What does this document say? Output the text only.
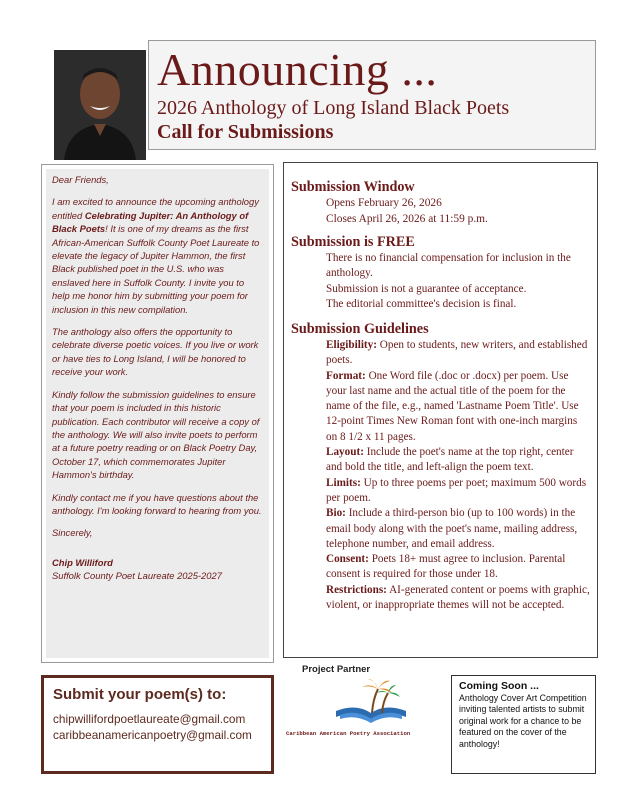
Announcing ...
2026 Anthology of Long Island Black Poets
Call for Submissions

Dear Friends,

I am excited to announce the upcoming anthology entitled Celebrating Jupiter: An Anthology of Black Poets! It is one of my dreams as the first African-American Suffolk County Poet Laureate to elevate the legacy of Jupiter Hammon, the first Black published poet in the U.S. who was enslaved here in Suffolk County. I invite you to help me honor him by submitting your poem for inclusion in this new compilation.

The anthology also offers the opportunity to celebrate diverse poetic voices. If you live or work or have ties to Long Island, I will be honored to receive your work.

Kindly follow the submission guidelines to ensure that your poem is included in this historic publication. Each contributor will receive a copy of the anthology. We will also invite poets to perform at a future poetry reading or on Black Poetry Day, October 17, which commemorates Jupiter Hammon's birthday.

Kindly contact me if you have questions about the anthology. I'm looking forward to hearing from you.

Sincerely,

Chip Williford

Suffolk County Poet Laureate 2025-2027

Submission Window
Opens February 26, 2026
Closes April 26, 2026 at 11:59 p.m.
Submission is FREE
There is no financial compensation for inclusion in the anthology.
Submission is not a guarantee of acceptance.
The editorial committee's decision is final.
Submission Guidelines
Eligibility: Open to students, new writers, and established poets.
Format: One Word file (.doc or .docx) per poem. Use your last name and the actual title of the poem for the name of the file, e.g., named 'Lastname Poem Title'. Use 12-point Times New Roman font with one-inch margins on 8 1/2 x 11 pages.
Layout: Include the poet's name at the top right, center and bold the title, and left-align the poem text.
Limits: Up to three poems per poet; maximum 500 words per poem.
Bio: Include a third-person bio (up to 100 words) in the email body along with the poet's name, mailing address, telephone number, and email address.
Consent: Poets 18+ must agree to inclusion. Parental consent is required for those under 18.
Restrictions: AI-generated content or poems with graphic, violent, or inappropriate themes will not be accepted.
Submit your poem(s) to:
chipwillifordpoetlaureate@gmail.com
caribbeanamericanpoetry@gmail.com
Project Partner
Caribbean American Poetry Association
Coming Soon ...
Anthology Cover Art Competition inviting talented artists to submit original work for a chance to be featured on the cover of the anthology!
